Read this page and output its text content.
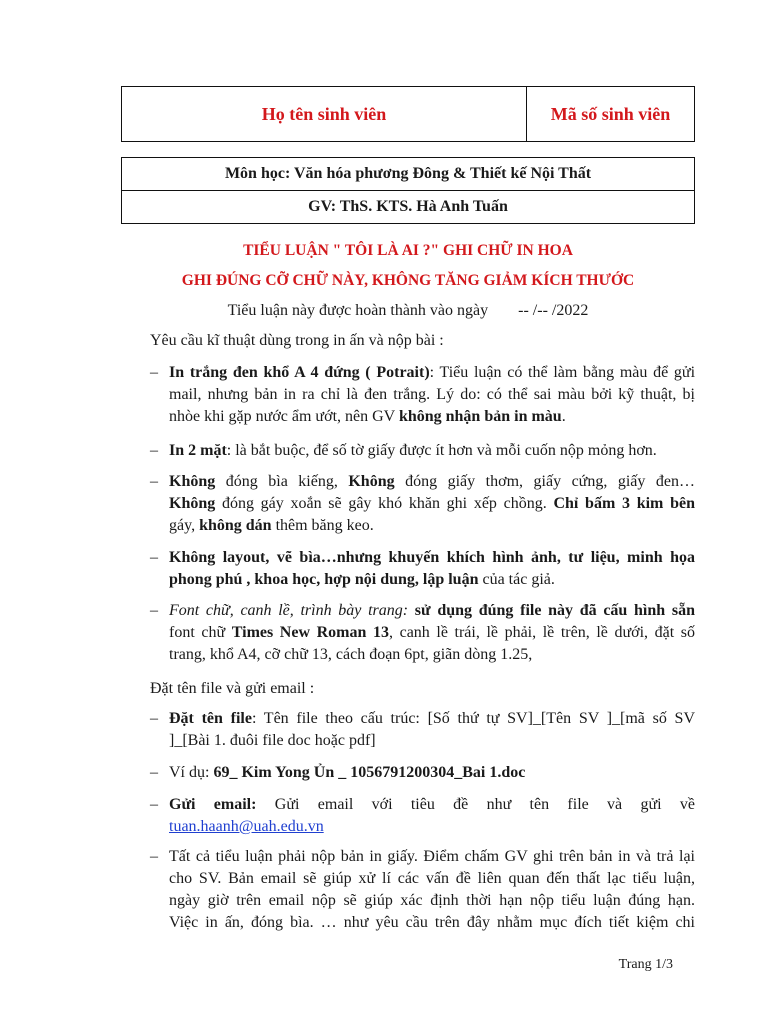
Họ tên sinh viên	Mã số sinh viên
Môn học: Văn hóa phương Đông & Thiết kế Nội Thất
GV: ThS. KTS. Hà Anh Tuấn
TIỂU LUẬN " TÔI LÀ AI ?" GHI CHỮ IN HOA
GHI ĐÚNG CỠ CHỮ NÀY, KHÔNG TĂNG GIẢM KÍCH THƯỚC
Tiểu luận này được hoàn thành vào ngày -- /-- /2022
Yêu cầu kĩ thuật dùng trong in ấn và nộp bài :
– In trắng đen khổ A 4 đứng ( Potrait): Tiểu luận có thể làm bằng màu để gửi
mail, nhưng bản in ra chỉ là đen trắng. Lý do: có thể sai màu bởi kỹ thuật, bị
nhòe khi gặp nước ẩm ướt, nên GV không nhận bản in màu.
– In 2 mặt: là bắt buộc, để số tờ giấy được ít hơn và mỗi cuốn nộp mỏng hơn.
– Không đóng bìa kiếng, Không đóng giấy thơm, giấy cứng, giấy đen…
Không đóng gáy xoắn sẽ gây khó khăn ghi xếp chồng. Chỉ bấm 3 kim bên
gáy, không dán thêm băng keo.
– Không layout, vẽ bìa…nhưng khuyến khích hình ảnh, tư liệu, minh họa
phong phú , khoa học, hợp nội dung, lập luận của tác giả.
– Font chữ, canh lề, trình bày trang: sử dụng đúng file này đã cấu hình sẵn
font chữ Times New Roman 13, canh lề trái, lề phải, lề trên, lề dưới, đặt số
trang, khổ A4, cỡ chữ 13, cách đoạn 6pt, giãn dòng 1.25,
Đặt tên file và gửi email :
– Đặt tên file: Tên file theo cấu trúc: [Số thứ tự SV]_[Tên SV ]_[mã số SV
]_[Bài 1. đuôi file doc hoặc pdf]
– Ví dụ: 69_ Kim Yong Ủn _ 1056791200304_Bai 1.doc
– Gửi email: Gửi email với tiêu đề như tên file và gửi về
tuan.haanh@uah.edu.vn
– Tất cả tiểu luận phải nộp bản in giấy. Điểm chấm GV ghi trên bản in và trả lại
cho SV. Bản email sẽ giúp xử lí các vấn đề liên quan đến thất lạc tiểu luận,
ngày giờ trên email nộp sẽ giúp xác định thời hạn nộp tiểu luận đúng hạn.
Việc in ấn, đóng bìa. … như yêu cầu trên đây nhằm mục đích tiết kiệm chi
Trang 1/3
